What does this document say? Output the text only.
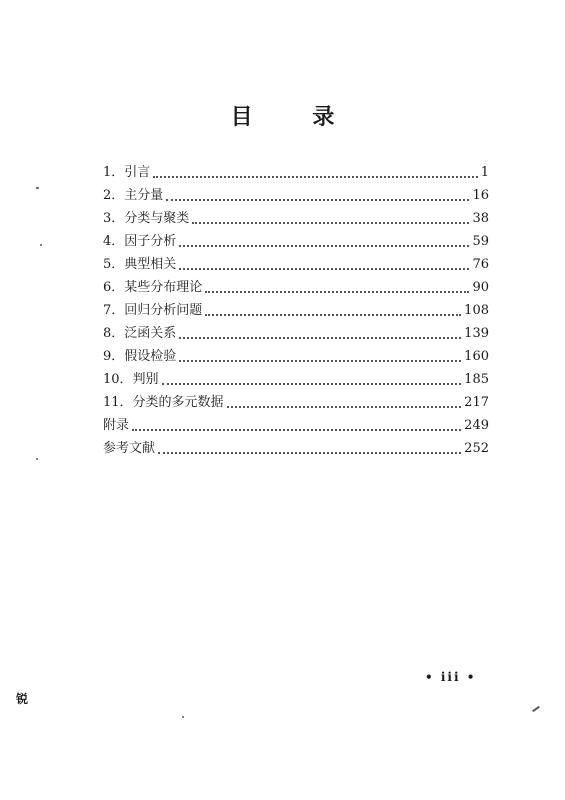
目 录
1．引言	1
2．主分量	16
3．分类与聚类	38
4．因子分析	59
5．典型相关	76
6．某些分布理论	90
7．回归分析问题	108
8．泛函关系	139
9．假设检验	160
10．判别	185
11．分类的多元数据	217
附录	249
参考文献	252
• iii •
锐
